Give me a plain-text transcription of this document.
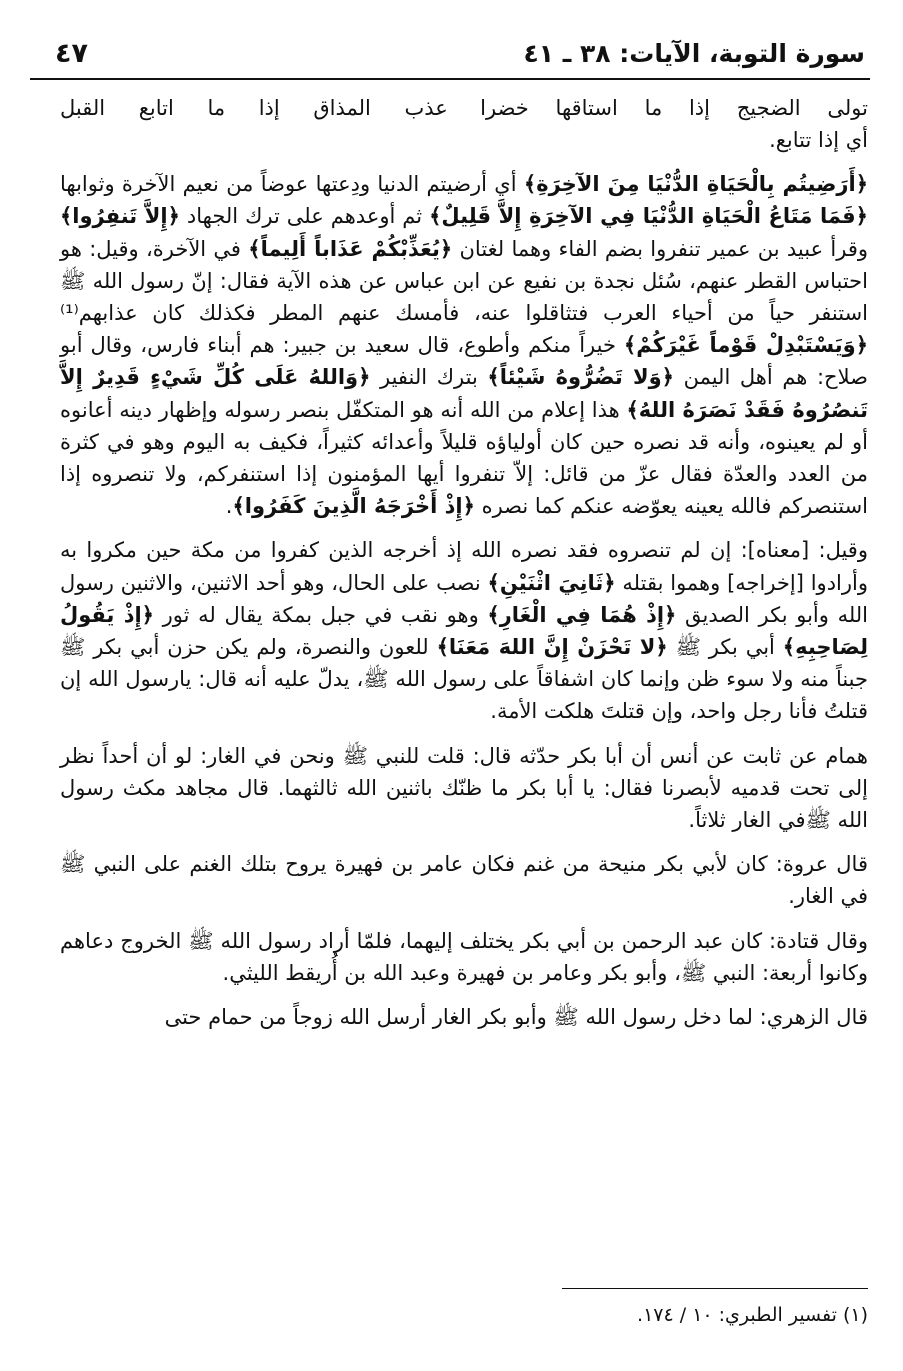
سورة التوبة، الآيات: ٣٨ ـ ٤١
٤٧
تولى الضجيج إذا ما استاقها خضرا
عذب المذاق إذا ما اتابع القبل

أي إذا تتابع.

﴿أَرَضِيتُم بِالْحَيَاةِ الدُّنْيَا مِنَ الآخِرَةِ﴾ أي أرضيتم الدنيا ودِعتها عوضاً من نعيم الآخرة وثوابها ﴿فَمَا مَتَاعُ الْحَيَاةِ الدُّنْيَا فِي الآخِرَةِ إِلاَّ قَلِيلٌ﴾ ثم أوعدهم على ترك الجهاد ﴿إِلاَّ تَنفِرُوا﴾ وقرأ عبيد بن عمير تنفروا بضم الفاء وهما لغتان ﴿يُعَذِّبْكُمْ عَذَاباً أَلِيماً﴾ في الآخرة، وقيل: هو احتباس القطر عنهم، سُئل نجدة بن نفيع عن ابن عباس عن هذه الآية فقال: إنّ رسول الله ﷺ استنفر حياً من أحياء العرب فتثاقلوا عنه، فأمسك عنهم المطر فكذلك كان عذابهم⁽¹⁾ ﴿وَيَسْتَبْدِلْ قَوْماً غَيْرَكُمْ﴾ خيراً منكم وأطوع، قال سعيد بن جبير: هم أبناء فارس، وقال أبو صلاح: هم أهل اليمن ﴿وَلا تَضُرُّوهُ شَيْئاً﴾ بترك النفير ﴿وَاللهُ عَلَى كُلِّ شَيْءٍ قَدِيرٌ إِلاَّ تَنصُرُوهُ فَقَدْ نَصَرَهُ اللهُ﴾ هذا إعلام من الله أنه هو المتكفّل بنصر رسوله وإظهار دينه أعانوه أو لم يعينوه، وأنه قد نصره حين كان أولياؤه قليلاً وأعدائه كثيراً، فكيف به اليوم وهو في كثرة من العدد والعدّة فقال عزّ من قائل: إلاّ تنفروا أيها المؤمنون إذا استنفركم، ولا تنصروه إذا استنصركم فالله يعينه يعوّضه عنكم كما نصره ﴿إِذْ أَخْرَجَهُ الَّذِينَ كَفَرُوا﴾.

وقيل: [معناه]: إن لم تنصروه فقد نصره الله إذ أخرجه الذين كفروا من مكة حين مكروا به وأرادوا [إخراجه] وهموا بقتله ﴿ثَانِيَ اثْنَيْنِ﴾ نصب على الحال، وهو أحد الاثنين، والاثنين رسول الله وأبو بكر الصديق ﴿إِذْ هُمَا فِي الْغَارِ﴾ وهو نقب في جبل بمكة يقال له ثور ﴿إِذْ يَقُولُ لِصَاحِبِهِ﴾ أبي بكر ﷺ ﴿لا تَحْزَنْ إِنَّ اللهَ مَعَنَا﴾ للعون والنصرة، ولم يكن حزن أبي بكر ﷺ جبناً منه ولا سوء ظن وإنما كان اشفاقاً على رسول الله ﷺ، يدلّ عليه أنه قال: يارسول الله إن قتلتُ فأنا رجل واحد، وإن قتلتَ هلكت الأمة.

همام عن ثابت عن أنس أن أبا بكر حدّثه قال: قلت للنبي ﷺ ونحن في الغار: لو أن أحداً نظر إلى تحت قدميه لأبصرنا فقال: يا أبا بكر ما ظنّك باثنين الله ثالثهما. قال مجاهد مكث رسول الله ﷺفي الغار ثلاثاً.

قال عروة: كان لأبي بكر منيحة من غنم فكان عامر بن فهيرة يروح بتلك الغنم على النبي ﷺ في الغار.

وقال قتادة: كان عبد الرحمن بن أبي بكر يختلف إليهما، فلمّا أراد رسول الله ﷺ الخروج دعاهم وكانوا أربعة: النبي ﷺ، وأبو بكر وعامر بن فهيرة وعبد الله بن أُريقط الليثي.

قال الزهري: لما دخل رسول الله ﷺ وأبو بكر الغار أرسل الله زوجاً من حمام حتى

(١) تفسير الطبري: ١٠ / ١٧٤.
